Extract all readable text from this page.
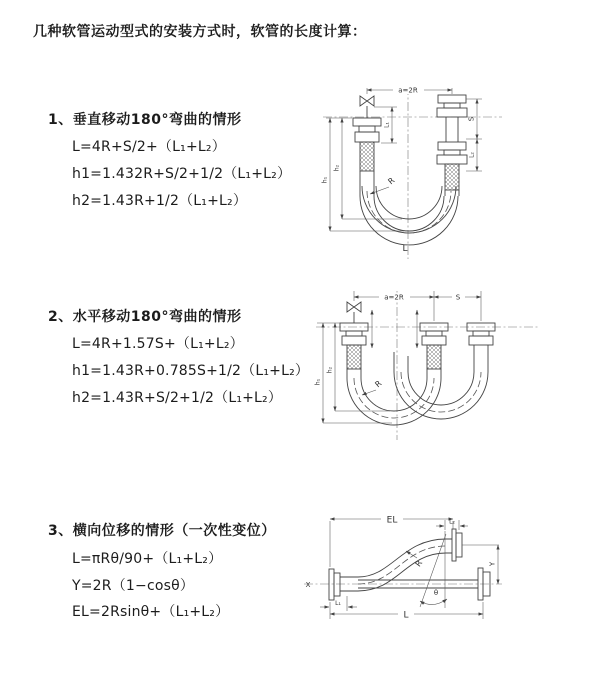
几种软管运动型式的安装方式时，软管的长度计算：
1、垂直移动180°弯曲的情形
L=4R+S/2+（L₁+L₂）
h1=1.432R+S/2+1/2（L₁+L₂）
h2=1.43R+1/2（L₁+L₂）
2、水平移动180°弯曲的情形
L=4R+1.57S+（L₁+L₂）
h1=1.43R+0.785S+1/2（L₁+L₂）
h2=1.43R+S/2+1/2（L₁+L₂）
3、横向位移的情形（一次性变位）
L=πRθ/90+（L₁+L₂）
Y=2R（1−cosθ）
EL=2Rsinθ+（L₁+L₂）
a=2R
S
L₂
h₂
h₁
L₁
R
L
a=2R	S
h₂
h₁	R
EL	L₂
Y
L
L₁
X
R
θ
